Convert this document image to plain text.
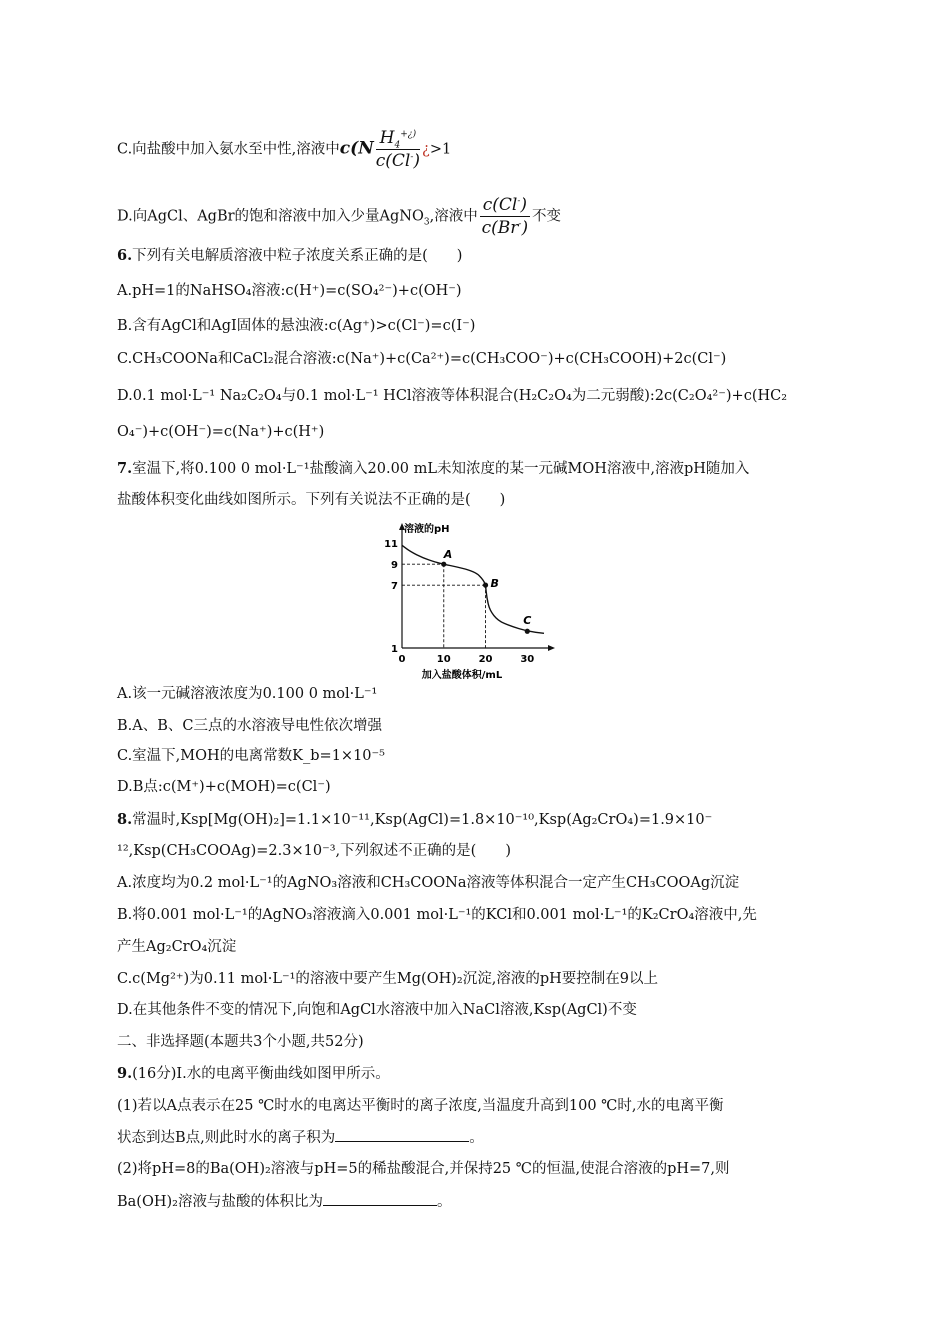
C.向盐酸中加入氨水至中性,溶液中$c(N \frac{H_4^{+¿)}}{c(Cl^-)}$ ¿>1
D.向AgCl、AgBr的饱和溶液中加入少量AgNO$_3$,溶液中 $\frac{c(Cl^-)}{c(Br^-)}$ 不变
6.下列有关电解质溶液中粒子浓度关系正确的是(　　)
A.pH=1的NaHSO₄溶液:c(H⁺)=c(SO₄²⁻)+c(OH⁻)
B.含有AgCl和AgI固体的悬浊液:c(Ag⁺)>c(Cl⁻)=c(I⁻)
C.CH₃COONa和CaCl₂混合溶液:c(Na⁺)+c(Ca²⁺)=c(CH₃COO⁻)+c(CH₃COOH)+2c(Cl⁻)
D.0.1 mol·L⁻¹ Na₂C₂O₄与0.1 mol·L⁻¹ HCl溶液等体积混合(H₂C₂O₄为二元弱酸):2c(C₂O₄²⁻)+c(HC₂
O₄⁻)+c(OH⁻)=c(Na⁺)+c(H⁺)
7.室温下,将0.100 0 mol·L⁻¹盐酸滴入20.00 mL未知浓度的某一元碱MOH溶液中,溶液pH随加入
盐酸体积变化曲线如图所示。下列有关说法不正确的是(　　)
溶液的pH
加入盐酸体积/mL
0	10	20	30
1
7
9
11
A
B
C
A.该一元碱溶液浓度为0.100 0 mol·L⁻¹
B.A、B、C三点的水溶液导电性依次增强
C.室温下,MOH的电离常数K_b=1×10⁻⁵
D.B点:c(M⁺)+c(MOH)=c(Cl⁻)
8.常温时,Ksp[Mg(OH)₂]=1.1×10⁻¹¹,Ksp(AgCl)=1.8×10⁻¹⁰,Ksp(Ag₂CrO₄)=1.9×10⁻
¹²,Ksp(CH₃COOAg)=2.3×10⁻³,下列叙述不正确的是(　　)
A.浓度均为0.2 mol·L⁻¹的AgNO₃溶液和CH₃COONa溶液等体积混合一定产生CH₃COOAg沉淀
B.将0.001 mol·L⁻¹的AgNO₃溶液滴入0.001 mol·L⁻¹的KCl和0.001 mol·L⁻¹的K₂CrO₄溶液中,先
产生Ag₂CrO₄沉淀
C.c(Mg²⁺)为0.11 mol·L⁻¹的溶液中要产生Mg(OH)₂沉淀,溶液的pH要控制在9以上
D.在其他条件不变的情况下,向饱和AgCl水溶液中加入NaCl溶液,Ksp(AgCl)不变
二、非选择题(本题共3个小题,共52分)
9.(16分)Ⅰ.水的电离平衡曲线如图甲所示。
(1)若以A点表示在25 ℃时水的电离达平衡时的离子浓度,当温度升高到100 ℃时,水的电离平衡
状态到达B点,则此时水的离子积为	。
(2)将pH=8的Ba(OH)₂溶液与pH=5的稀盐酸混合,并保持25 ℃的恒温,使混合溶液的pH=7,则
Ba(OH)₂溶液与盐酸的体积比为	。
